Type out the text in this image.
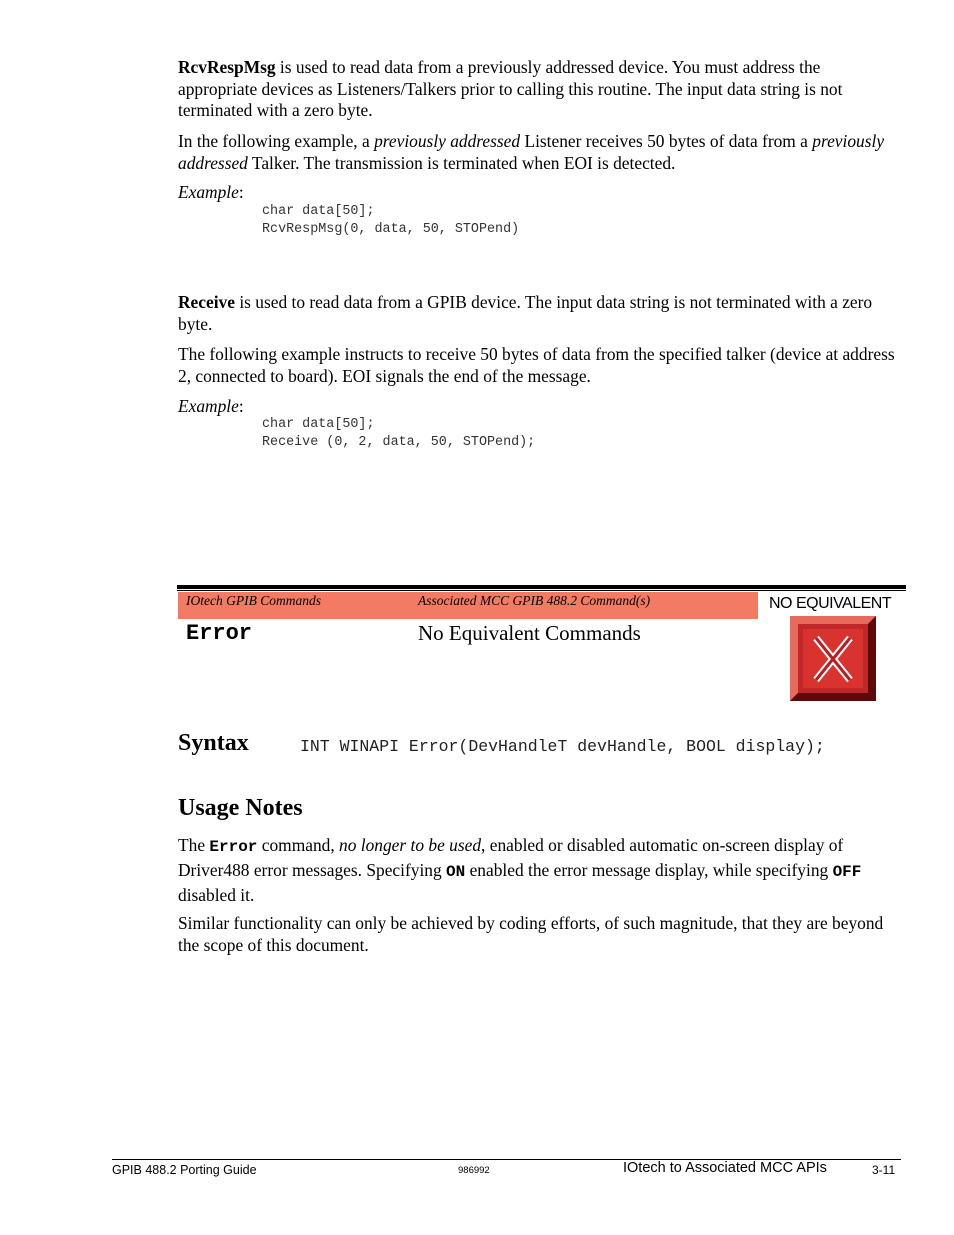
RcvRespMsg is used to read data from a previously addressed device. You must address the appropriate devices as Listeners/Talkers prior to calling this routine. The input data string is not terminated with a zero byte.

In the following example, a previously addressed Listener receives 50 bytes of data from a previously addressed Talker. The transmission is terminated when EOI is detected.

Example:
char data[50];
RcvRespMsg(0, data, 50, STOPend)

Receive is used to read data from a GPIB device. The input data string is not terminated with a zero byte.

The following example instructs to receive 50 bytes of data from the specified talker (device at address 2, connected to board). EOI signals the end of the message.

Example:
char data[50];
Receive (0, 2, data, 50, STOPend);
IOtech GPIB Commands	Associated MCC GPIB 488.2 Command(s)
Error	No Equivalent Commands
NO EQUIVALENT
Syntax	INT WINAPI Error(DevHandleT devHandle, BOOL display);
Usage Notes

The Error command, no longer to be used, enabled or disabled automatic on-screen display of Driver488 error messages. Specifying ON enabled the error message display, while specifying OFF disabled it.

Similar functionality can only be achieved by coding efforts, of such magnitude, that they are beyond the scope of this document.

GPIB 488.2 Porting Guide	986992	IOtech to Associated MCC APIs	3-11
